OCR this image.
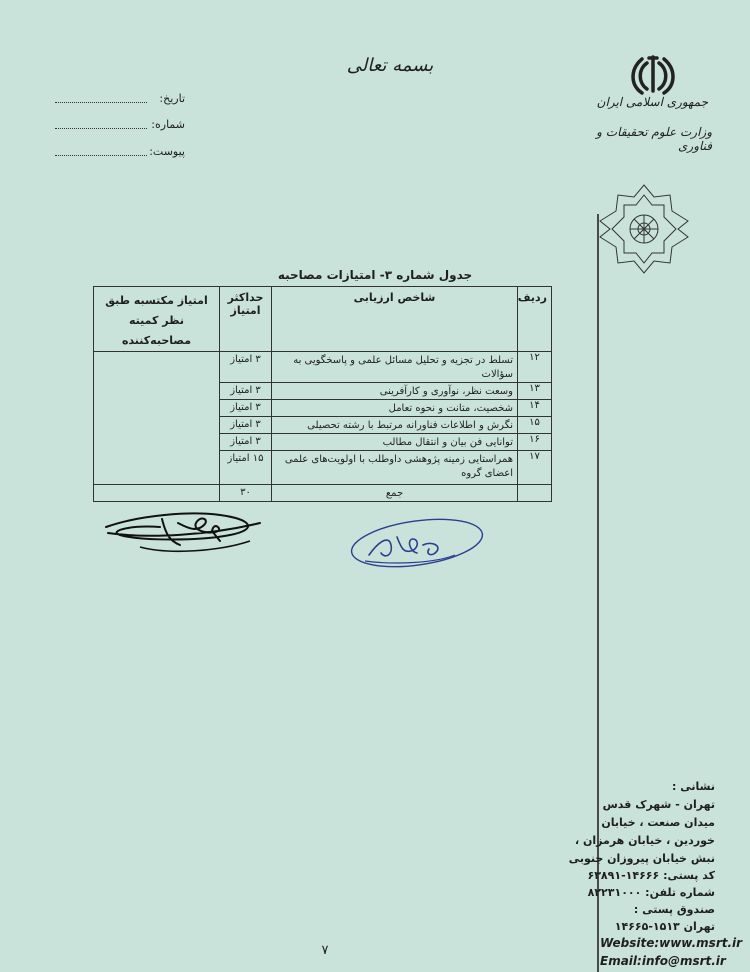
بسمه تعالی
جمهوری اسلامی ایران
وزارت علوم تحقیقات و فناوری
تاریخ:
شماره:
پیوست:
جدول شماره ۳- امتیازات مصاحبه
ردیف	شاخص ارزیابی	حداکثر امتیاز	امتیاز مکتسبه طبق نظر کمیته مصاحبه‌کننده
۱۲	تسلط در تجزیه و تحلیل مسائل علمی و پاسخگویی به سؤالات	۳ امتیاز	
۱۳	وسعت نظر، نوآوری و کارآفرینی	۳ امتیاز	
۱۴	شخصیت، متانت و نحوه تعامل	۳ امتیاز	
۱۵	نگرش و اطلاعات فناورانه مرتبط با رشته تحصیلی	۳ امتیاز	
۱۶	توانایی فن بیان و انتقال مطالب	۳ امتیاز	
۱۷	همراستایی زمینه پژوهشی داوطلب با اولویت‌های علمی اعضای گروه	۱۵ امتیاز	
	جمع	۳۰	
نشانی :
تهران - شهرک قدس
میدان صنعت ، خیابان
خوردین ، خیابان هرمزان ،
نبش خیابان پیروزان جنوبی
کد پستی: ۱۴۶۶۶-۶۳۸۹۱
شماره تلفن: ۸۲۲۳۱۰۰۰
صندوق پستی :
تهران ۱۵۱۳-۱۴۶۶۵
Website:www.msrt.ir
Email:info@msrt.ir
۷
